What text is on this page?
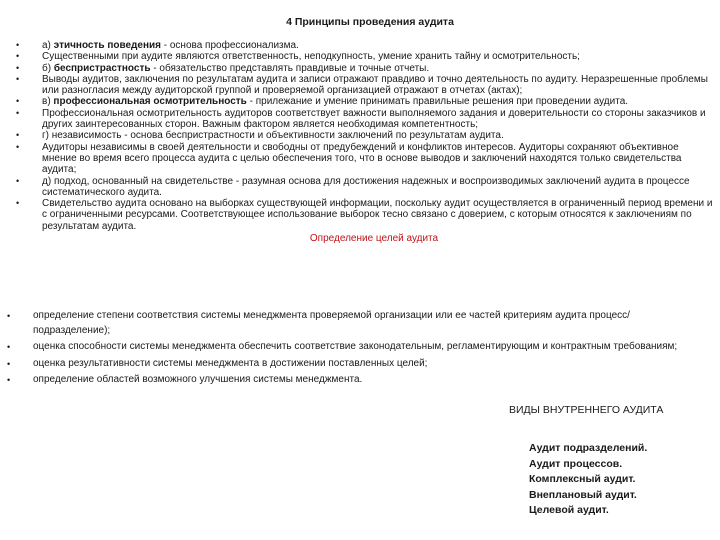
4 Принципы проведения аудита
• а) этичность поведения - основа профессионализма.
• Существенными при аудите являются ответственность, неподкупность, умение хранить тайну и осмотрительность;
• б) беспристрастность - обязательство представлять правдивые и точные отчеты.
• Выводы аудитов, заключения по результатам аудита и записи отражают правдиво и точно деятельность по аудиту. Неразрешенные проблемы или разногласия между аудиторской группой и проверяемой организацией отражают в отчетах (актах);
• в) профессиональная осмотрительность - прилежание и умение принимать правильные решения при проведении аудита.
• Профессиональная осмотрительность аудиторов соответствует важности выполняемого задания и доверительности со стороны заказчиков и других заинтересованных сторон. Важным фактором является необходимая компетентность;
• г) независимость - основа беспристрастности и объективности заключений по результатам аудита.
• Аудиторы независимы в своей деятельности и свободны от предубеждений и конфликтов интересов. Аудиторы сохраняют объективное мнение во время всего процесса аудита с целью обеспечения того, что в основе выводов и заключений находятся только свидетельства аудита;
• д) подход, основанный на свидетельстве - разумная основа для достижения надежных и воспроизводимых заключений аудита в процессе систематического аудита.
• Свидетельство аудита основано на выборках существующей информации, поскольку аудит осуществляется в ограниченный период времени и с ограниченными ресурсами. Соответствующее использование выборок тесно связано с доверием, с которым относятся к заключениям по результатам аудита.
Определение целей аудита
• определение степени соответствия системы менеджмента проверяемой организации или ее частей критериям аудита процесс/подразделение);
• оценка способности системы менеджмента обеспечить соответствие законодательным, регламентирующим и контрактным требованиям;
• оценка результативности системы менеджмента в достижении поставленных целей;
• определение областей возможного улучшения системы менеджмента.
ВИДЫ ВНУТРЕННЕГО АУДИТА
Аудит подразделений.
Аудит процессов.
Комплексный аудит.
Внеплановый аудит.
Целевой аудит.
